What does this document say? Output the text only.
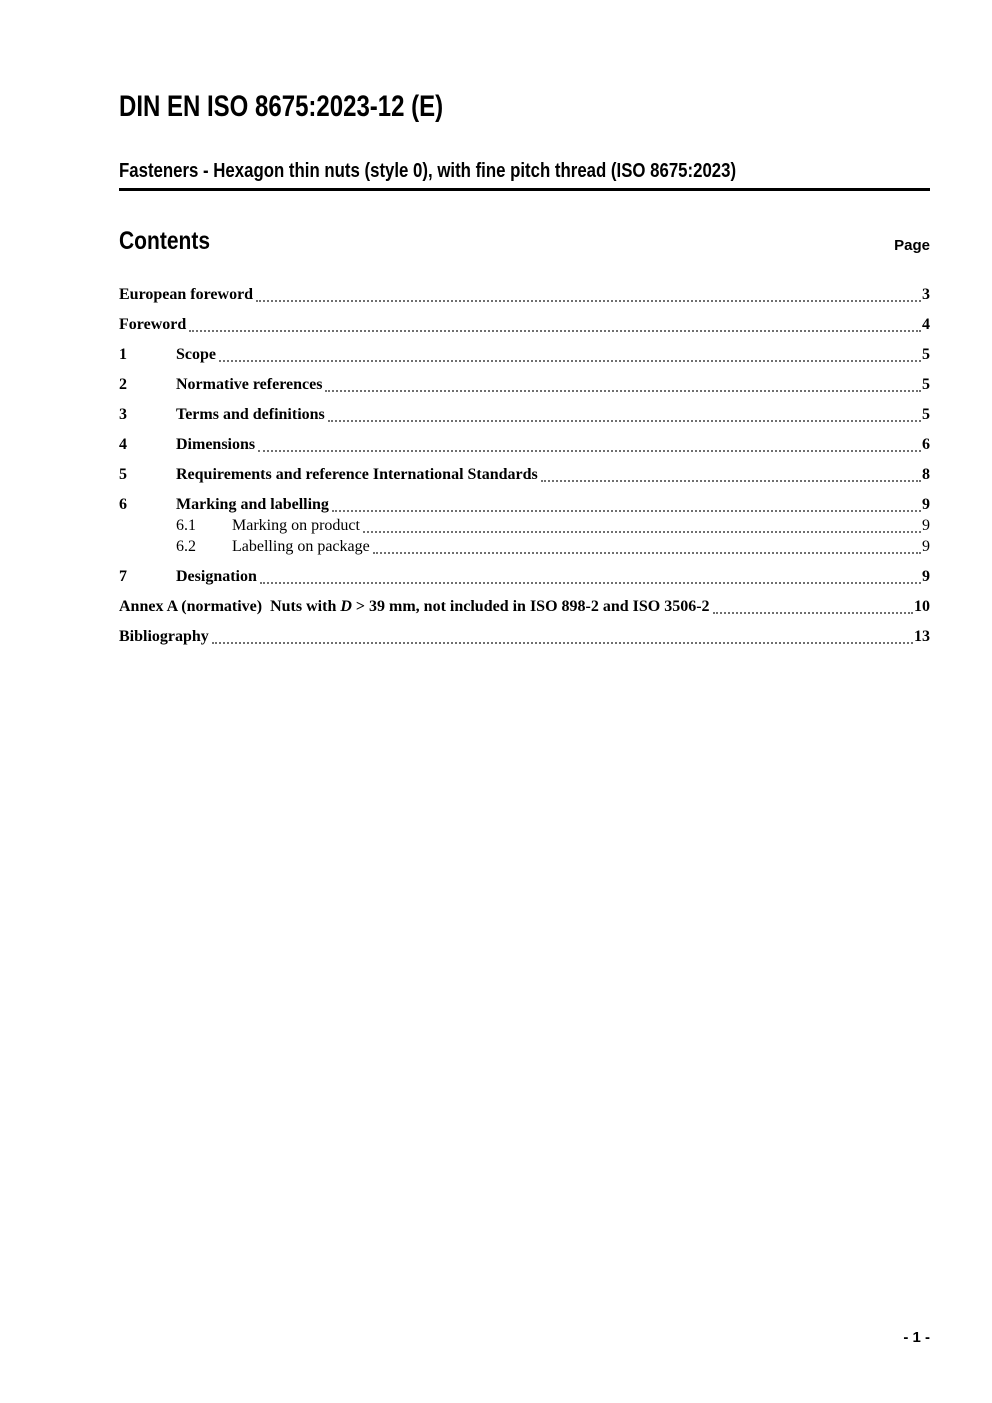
DIN EN ISO 8675:2023-12 (E)
Fasteners - Hexagon thin nuts (style 0), with fine pitch thread (ISO 8675:2023)
Contents	Page
European foreword	3
Foreword	4
1	Scope	5
2	Normative references	5
3	Terms and definitions	5
4	Dimensions	6
5	Requirements and reference International Standards	8
6	Marking and labelling	9
6.1	Marking on product	9
6.2	Labelling on package	9
7	Designation	9
Annex A (normative)  Nuts with D > 39 mm, not included in ISO 898-2 and ISO 3506-2	10
Bibliography	13
- 1 -
